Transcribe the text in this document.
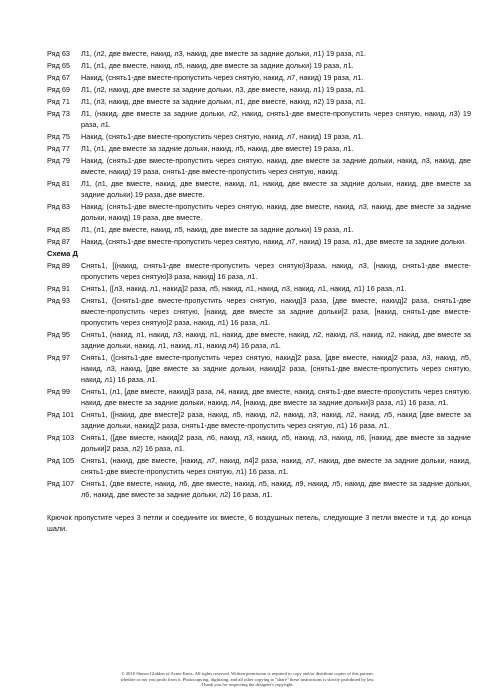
Ряд 63	Л1, (л2, две вместе, накид, л3, накид, две вместе за задние дольки, л1) 19 раза, л1.
Ряд 65	Л1, (л1, две вместе, накид, л5, накид, две вместе за задние дольки) 19 раза, л1.
Ряд 67	Накид, (снять1-две вместе-пропустить через снятую, накид, л7, накид) 19 раза, л1.
Ряд 69	Л1, (л2, накид, две вместе за задние дольки, л3, две вместе, накид, л1) 19 раза, л1.
Ряд 71	Л1, (л3, накид, две вместе за задние дольки, л1, две вместе, накид, л2) 19 раза, л1.
Ряд 73	Л1, (накид, две вместе за задние дольки, л2, накид, снять1-две вместе-пропустить через снятую, накид, л3) 19 раза, л1.
Ряд 75	Накид, (снять1-две вместе-пропустить через снятую, накид, л7, накид) 19 раза, л1.
Ряд 77	Л1, (л1, две вместе за задние дольки, накид, л5, накид, две вместе) 19 раза, л1.
Ряд 79	Накид, (снять1-две вместе-пропустить через снятую, накид, две вместе за задние дольки, накид, л3, накид, две вместе, накид) 19 раза, снять1-две вместе-пропустить через снятую, накид.
Ряд 81	Л1, (л1, две вместе, накид, две вместе, накид, л1, накид, две вместе за задние дольки, накид, две вместе за задние дольки) 19 раза, две вместе.
Ряд 83	Накид, (снять1-две вместе-пропустить через снятую, накид, две вместе, накид, л3, накид, две вместе за задние дольки, накид) 19 раза, две вместе.
Ряд 85	Л1, (л1, две вместе, накид, л5, накид, две вместе за задние дольки) 19 раза, л1.
Ряд 87	Накид, (снять1-две вместе-пропустить через снятую, накид, л7, накид) 19 раза, л1, две вместе за задние дольки.
Схема Д
Ряд 89	Снять1, [(накид, снять1-две вместе-пропустить через снятую)3раза, накид, л3, [накид, снять1-две вместе-пропустить через снятую]3 раза, накид] 16 раза, л1.
Ряд 91	Снять1, ([л3, накид, л1, накид]2 раза, л5, накид, л1, накид, л3, накид, л1, накид, л1) 16 раза, л1.
Ряд 93	Снять1, ([снять1-две вместе-пропустить через снятую, накид]3 раза, [две вместе, накид]2 раза, снять1-две вместе-пропустить через снятую, [накид, две вместе за задние дольки]2 раза, [накид, снять1-две вместе-пропустить через снятую]2 раза, накид, л1) 16 раза, л1.
Ряд 95	Снять1, (накид, л1, накид, л3, накид, л1, накид, две вместе, накид, л2, накид, л3, накид, л2, накид, две вместе за задние дольки, накид, л1, накид, л1, накид л4) 16 раза, л1.
Ряд 97	Снять1, ([снять1-две вместе-пропустить через снятую, накид]2 раза, [две вместе, накид]2 раза, л3, накид, л5, накид, л3, накид, [две вместе за задние дольки, накид]2 раза, [снять1-две вместе-пропустить через снятую, накид, л1) 16 раза, л1.
Ряд 99	Снять1, (л1, [две вместе, накид]3 раза, л4, накид, две вместе, накид, снять1-две вместе-пропустить через снятую, накид, две вместе за задние дольки, накид, л4, [накид, две вместе за задние дольки]3 раза, л1) 16 раза, л1.
Ряд 101 Снять1, ([накид, две вместе]2 раза, накид, л5, накид, л2, накид, л3, накид, л2, накид, л5, накид [две вместе за задние дольки, накид]2 раза, снять1-две вместе-пропустить через снятую, л1) 16 раза, л1.
Ряд 103 Снять1, ([две вместе, накид]2 раза, л6, накид, л3, накид, л5, накид, л3, накид, л6, [накид, две вместе за задние дольки]2 раза, л2) 16 раза, л1.
Ряд 105 Снять1, (накид, две вместе, [накид, л7, накид, л4]2 раза, накид, л7, накид, две вместе за задние дольки, накид, снять1-две вместе-пропустить через снятую, л1) 16 раза, л1.
Ряд 107 Снять1, (две вместе, накид, л6, две вместе, накид, л5, накид, л9, накид, л5, накид, две вместе за задние дольки, л6, накид, две вместе за задние дольки, л2) 16 раза, л1.
Крючок пропустите через 3 петли и соедините их вместе, 6 воздушных петель, следующие 3 петли вместе и т.д. до конца шали.
© 2010 Shawn Glidden of Acme Knits. All rights reserved. Written permission is required to copy and/or distribute copies of this pattern,
whether or not you profit from it. Photocopying, digitizing, and all other copying to "share" these instructions is strictly prohibited by law.
Thank you for respecting the designer's copyright.
